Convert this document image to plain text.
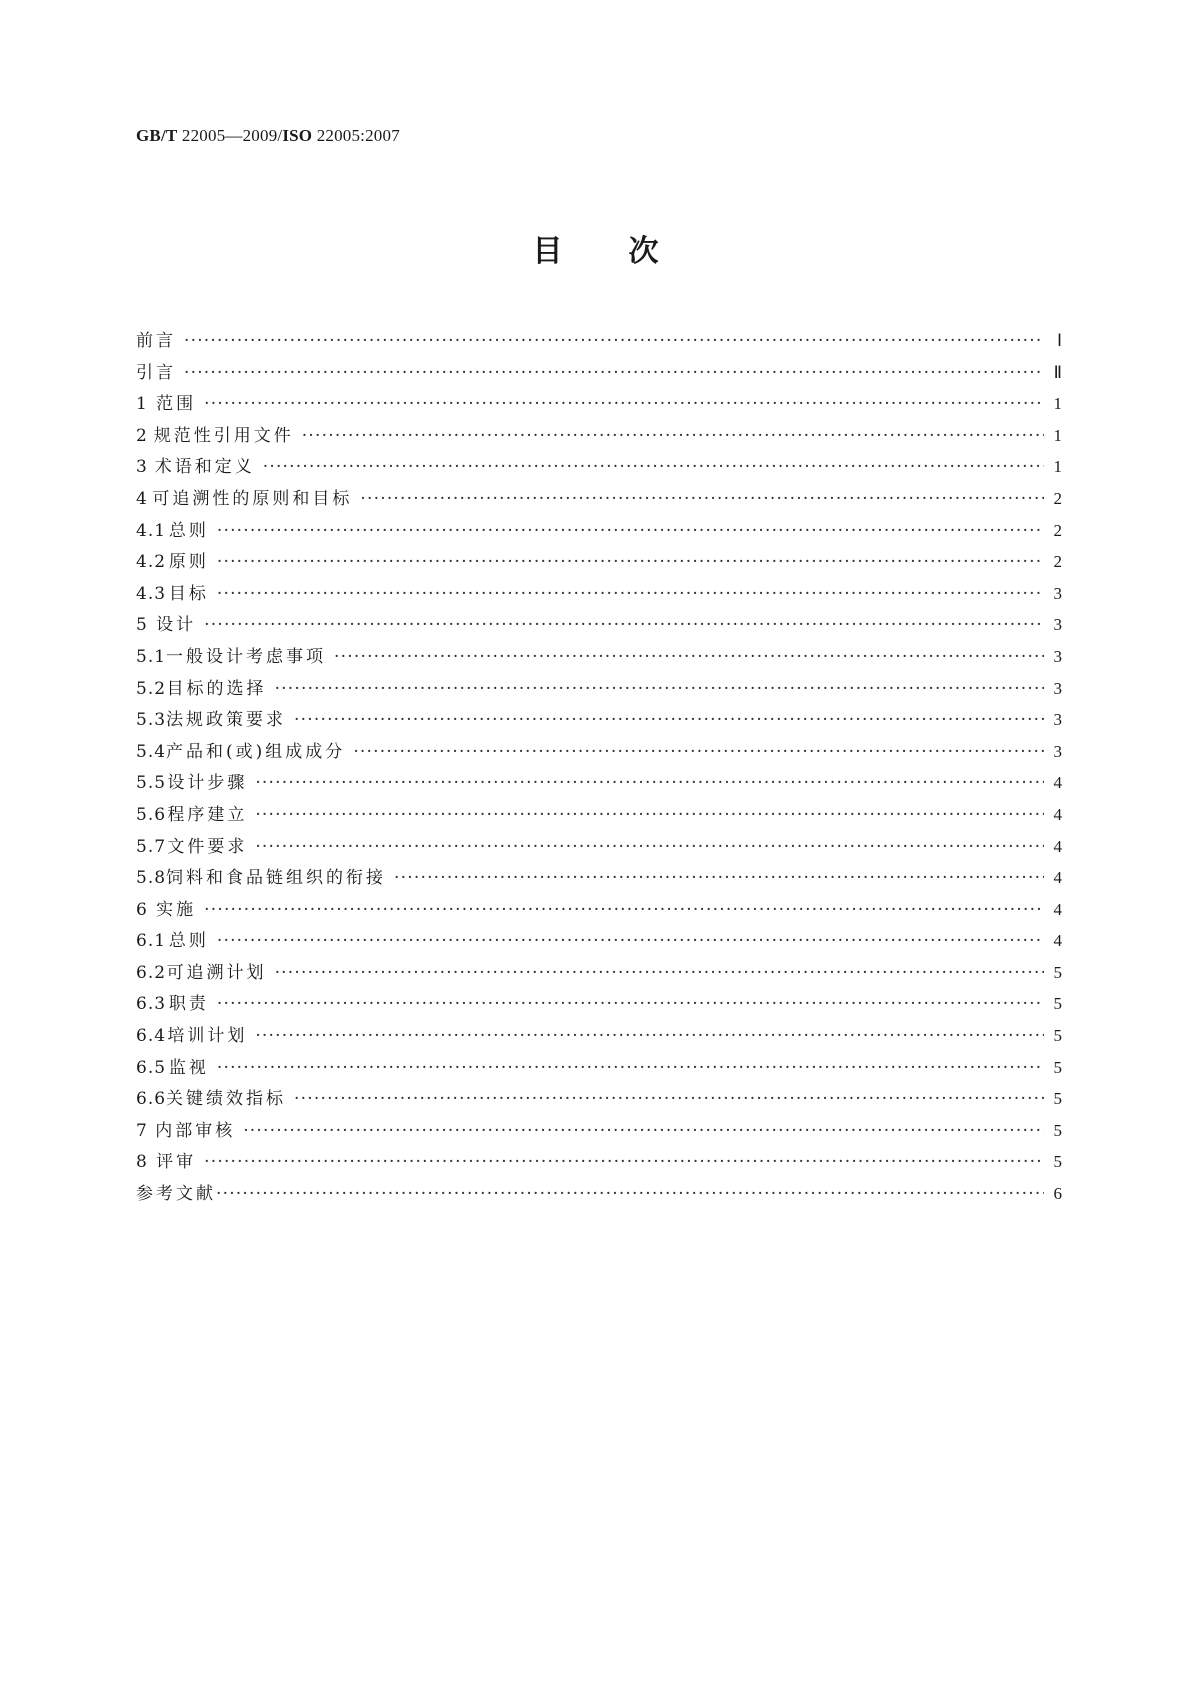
GB/T 22005—2009/ISO 22005:2007
目 次
前言 ·····	Ⅰ
引言 ·····	Ⅱ
1 范围 ·····	1
2 规范性引用文件 ·····	1
3 术语和定义 ·····	1
4 可追溯性的原则和目标 ·····	2
4.1 总则 ·····	2
4.2 原则 ·····	2
4.3 目标 ·····	3
5 设计 ·····	3
5.1 一般设计考虑事项 ·····	3
5.2 目标的选择 ·····	3
5.3 法规政策要求 ·····	3
5.4 产品和(或)组成成分 ·····	3
5.5 设计步骤 ·····	4
5.6 程序建立 ·····	4
5.7 文件要求 ·····	4
5.8 饲料和食品链组织的衔接 ·····	4
6 实施 ·····	4
6.1 总则 ·····	4
6.2 可追溯计划 ·····	5
6.3 职责 ·····	5
6.4 培训计划 ·····	5
6.5 监视 ·····	5
6.6 关键绩效指标 ·····	5
7 内部审核 ·····	5
8 评审 ·····	5
参考文献 ·····	6
